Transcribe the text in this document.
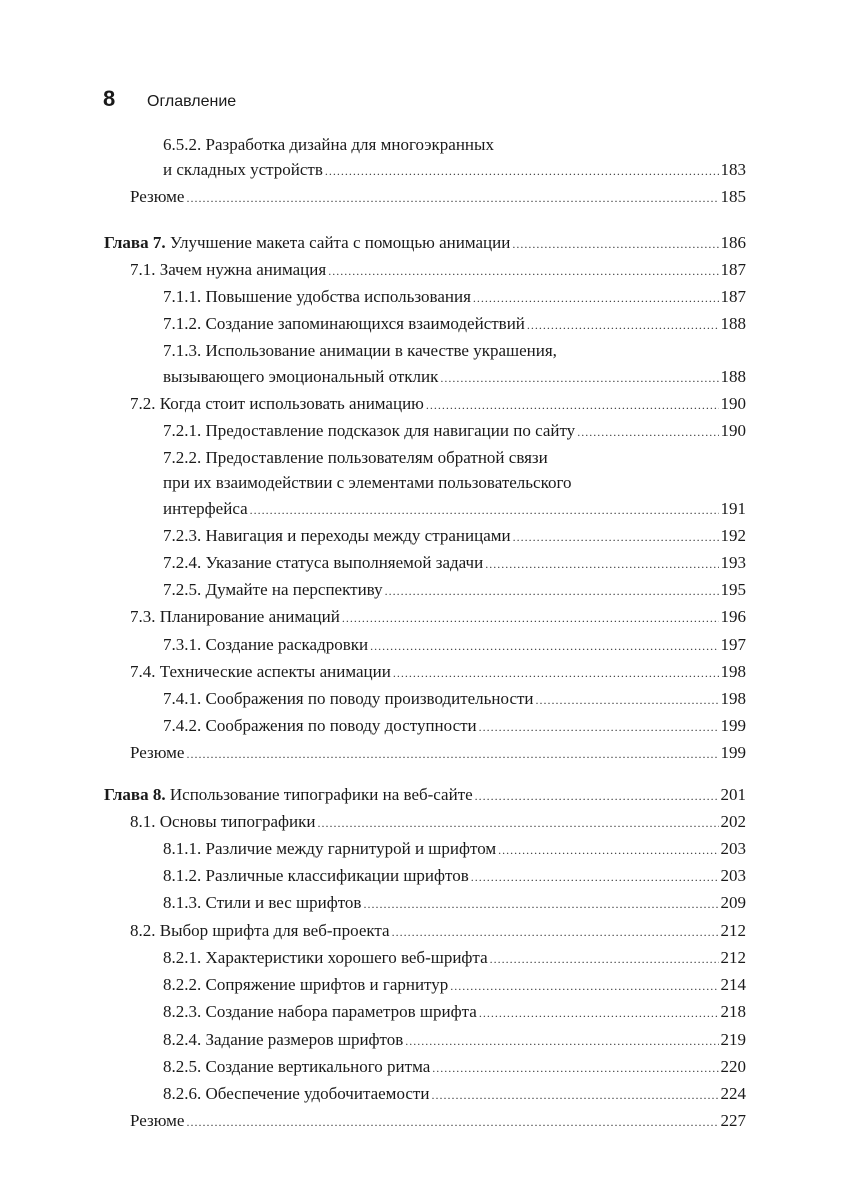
8	Оглавление
6.5.2. Разработка дизайна для многоэкранных
и складных устройств .....	183
Резюме .....	185
Глава 7. Улучшение макета сайта с помощью анимации .....	186
7.1. Зачем нужна анимация .....	187
7.1.1. Повышение удобства использования .....	187
7.1.2. Создание запоминающихся взаимодействий .....	188
7.1.3. Использование анимации в качестве украшения,
вызывающего эмоциональный отклик .....	188
7.2. Когда стоит использовать анимацию .....	190
7.2.1. Предоставление подсказок для навигации по сайту .....	190
7.2.2. Предоставление пользователям обратной связи
при их взаимодействии с элементами пользовательского
интерфейса .....	191
7.2.3. Навигация и переходы между страницами .....	192
7.2.4. Указание статуса выполняемой задачи .....	193
7.2.5. Думайте на перспективу .....	195
7.3. Планирование анимаций .....	196
7.3.1. Создание раскадровки .....	197
7.4. Технические аспекты анимации .....	198
7.4.1. Соображения по поводу производительности .....	198
7.4.2. Соображения по поводу доступности .....	199
Резюме .....	199
Глава 8. Использование типографики на веб-сайте .....	201
8.1. Основы типографики .....	202
8.1.1. Различие между гарнитурой и шрифтом .....	203
8.1.2. Различные классификации шрифтов .....	203
8.1.3. Стили и вес шрифтов .....	209
8.2. Выбор шрифта для веб-проекта .....	212
8.2.1. Характеристики хорошего веб-шрифта .....	212
8.2.2. Сопряжение шрифтов и гарнитур .....	214
8.2.3. Создание набора параметров шрифта .....	218
8.2.4. Задание размеров шрифтов .....	219
8.2.5. Создание вертикального ритма .....	220
8.2.6. Обеспечение удобочитаемости .....	224
Резюме .....	227
